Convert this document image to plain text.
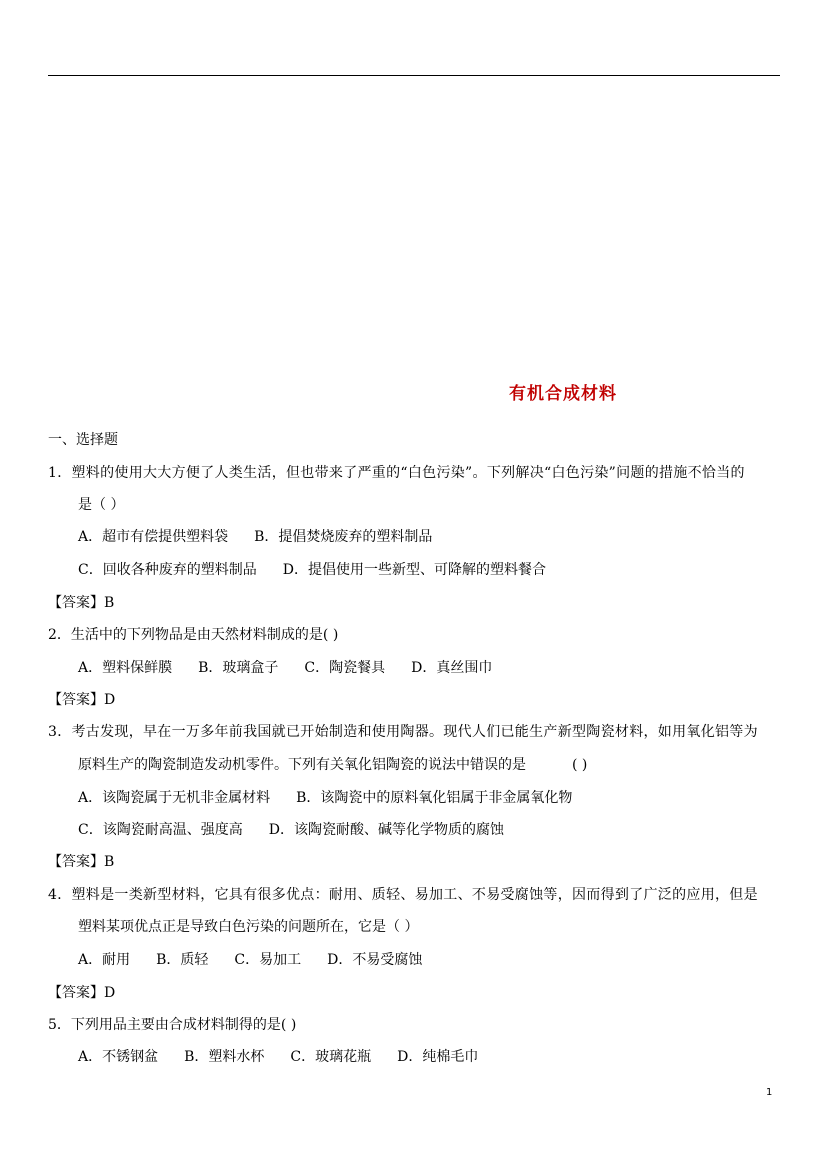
有机合成材料
一、选择题
1．塑料的使用大大方便了人类生活，但也带来了严重的“白色污染”。下列解决“白色污染”问题的措施不恰当的
是（ ）
A．超市有偿提供塑料袋 B．提倡焚烧废弃的塑料制品
C．回收各种废弃的塑料制品 D．提倡使用一些新型、可降解的塑料餐合
【答案】B
2．生活中的下列物品是由天然材料制成的是( )
A．塑料保鲜膜 B．玻璃盒子 C．陶瓷餐具 D．真丝围巾
【答案】D
3．考古发现，早在一万多年前我国就已开始制造和使用陶器。现代人们已能生产新型陶瓷材料，如用氧化铝等为
原料生产的陶瓷制造发动机零件。下列有关氧化铝陶瓷的说法中错误的是	( )
A．该陶瓷属于无机非金属材料 B．该陶瓷中的原料氧化铝属于非金属氧化物
C．该陶瓷耐高温、强度高 D．该陶瓷耐酸、碱等化学物质的腐蚀
【答案】B
4．塑料是一类新型材料，它具有很多优点：耐用、质轻、易加工、不易受腐蚀等，因而得到了广泛的应用，但是
塑料某项优点正是导致白色污染的问题所在，它是（ ）
A．耐用 B．质轻 C．易加工 D．不易受腐蚀
【答案】D
5．下列用品主要由合成材料制得的是( )
A．不锈钢盆 B．塑料水杯 C．玻璃花瓶 D．纯棉毛巾
1
